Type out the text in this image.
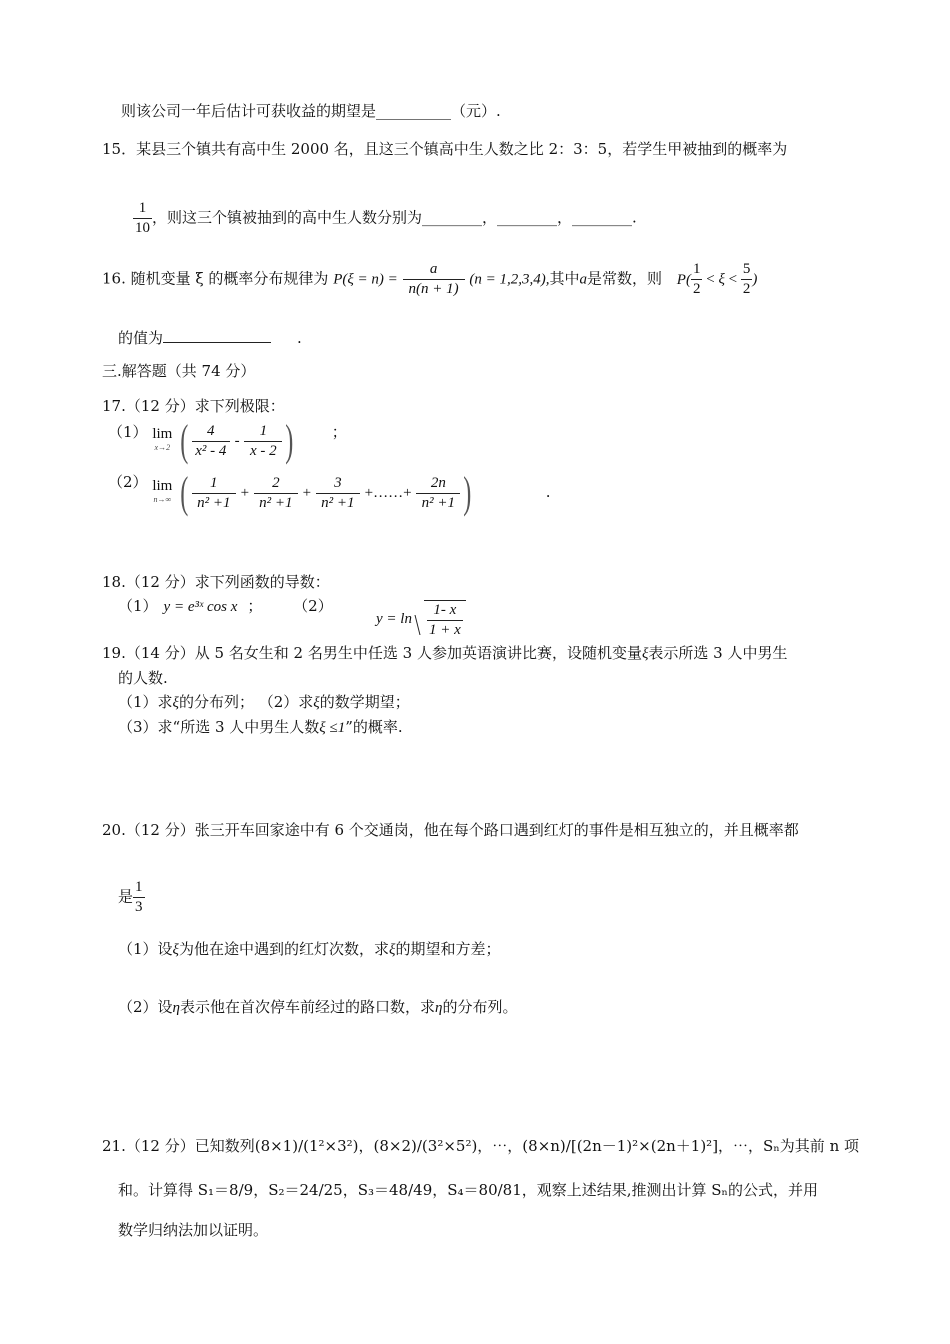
则该公司一年后估计可获收益的期望是__________（元）.
15．某县三个镇共有高中生 2000 名，且这三个镇高中生人数之比 2：3：5，若学生甲被抽到的概率为
$\frac{1}{10}$ ，则这三个镇被抽到的高中生人数分别为________，________，________.
16. 随机变量 ξ 的概率分布规律为 $P(\xi = n) = \frac{a}{n(n + 1)} (n = 1,2,3,4)$,其中a是常数，则 $P( \frac{1}{2} < \xi < \frac{5}{2}$ )
的值为	.
三.解答题（共 74 分）
17.（12 分）求下列极限：
（1） lim
x→2 ( $\frac{4}{\text{x² - 4}} - \frac{1}{x - 2}$ )	；
（2） lim
n→∞ ( $\frac{1}{\text{n² +1}} + \frac{2}{\text{n² +1}} + \frac{3}{\text{n² +1}}$ +……+ $\frac{2n}{\text{n² +1}}$ )	.
18.（12 分）求下列函数的导数：
（1） y = e³ˣ cos x ； （2）
$y = \ln \frac{1- x}{1 + x}$
19.（14 分）从 5 名女生和 2 名男生中任选 3 人参加英语演讲比赛，设随机变量ξ表示所选 3 人中男生
的人数.
（1）求ξ的分布列； （2）求ξ的数学期望；
（3）求“所选 3 人中男生人数ξ ≤1”的概率.
20.（12 分）张三开车回家途中有 6 个交通岗，他在每个路口遇到红灯的事件是相互独立的，并且概率都
是 $\frac{1}{3}$
（1）设ξ为他在途中遇到的红灯次数，求ξ的期望和方差；
（2）设η表示他在首次停车前经过的路口数，求η的分布列。
21.（12 分）已知数列(8×1)/(1²×3²)，(8×2)/(3²×5²)，⋯，(8×n)/[(2n－1)²×(2n＋1)²]，⋯，Sₙ为其前 n 项
和。计算得 S₁＝8/9，S₂＝24/25，S₃＝48/49，S₄＝80/81，观察上述结果,推测出计算 Sₙ的公式，并用
数学归纳法加以证明。
